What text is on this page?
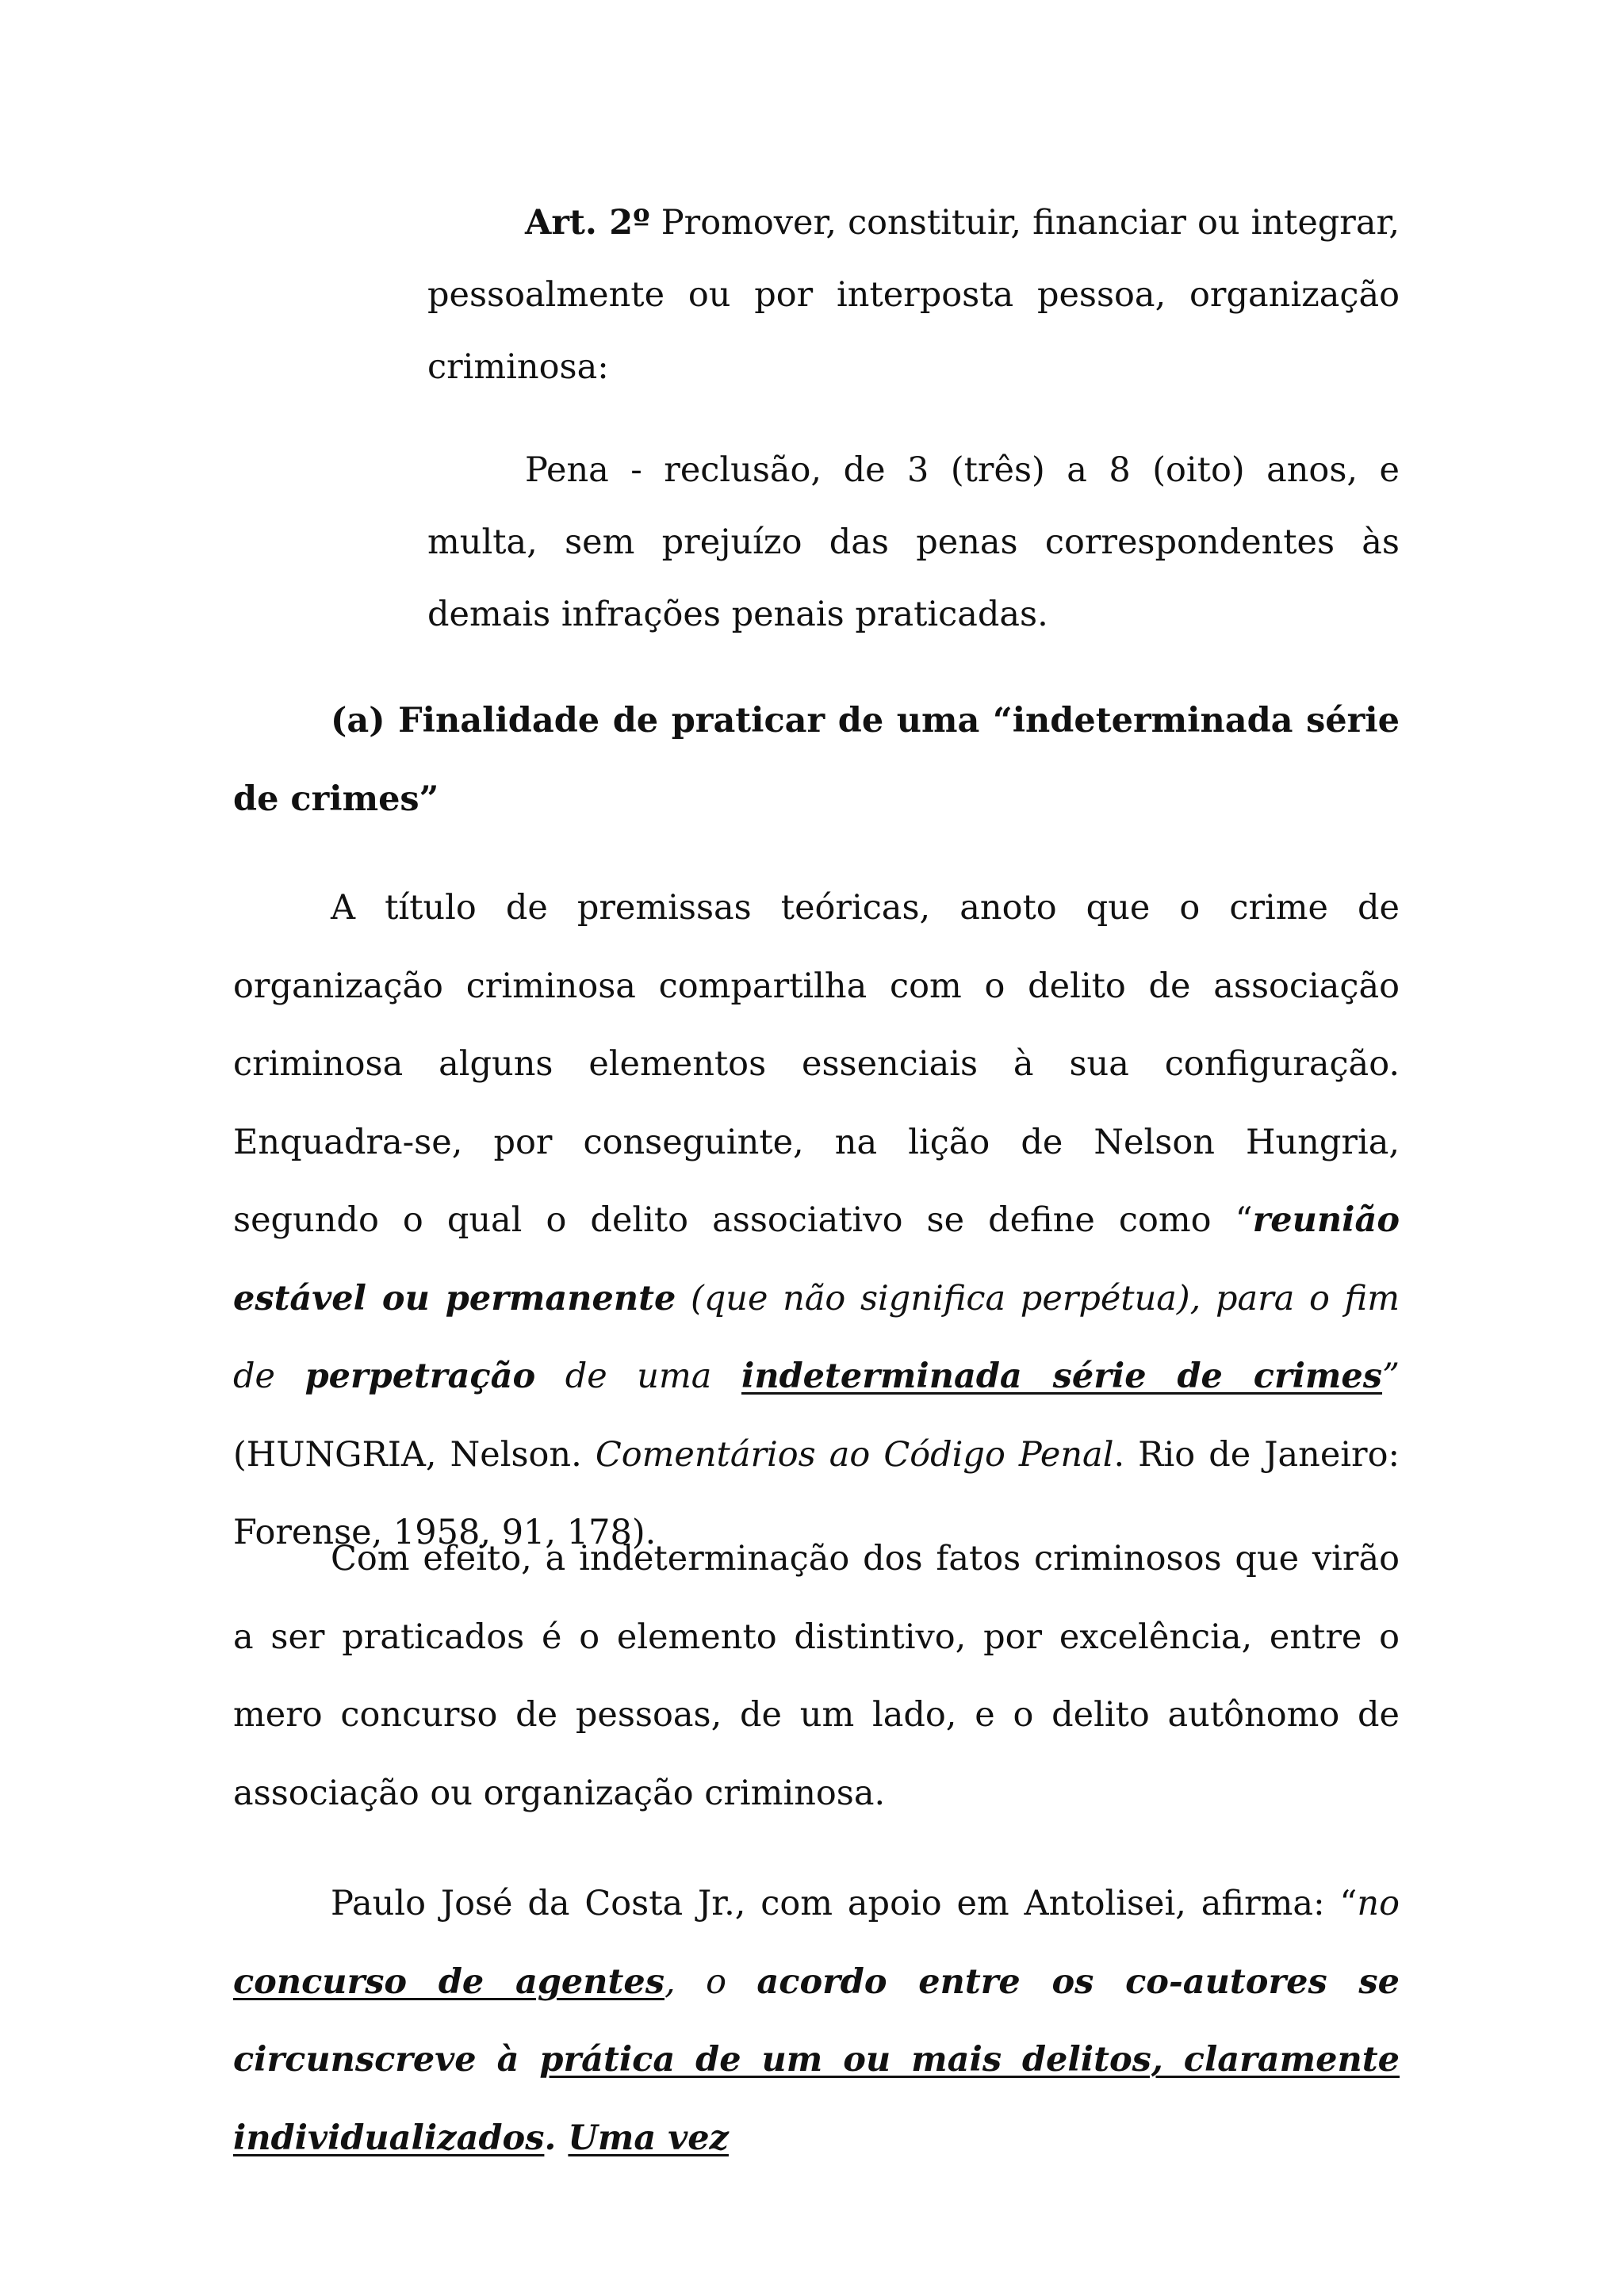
Art. 2º Promover, constituir, financiar ou integrar, pessoalmente ou por interposta pessoa, organização criminosa:

Pena - reclusão, de 3 (três) a 8 (oito) anos, e multa, sem prejuízo das penas correspondentes às demais infrações penais praticadas.

(a) Finalidade de praticar de uma “indeterminada série de crimes”

A título de premissas teóricas, anoto que o crime de organização criminosa compartilha com o delito de associação criminosa alguns elementos essenciais à sua configuração. Enquadra-se, por conseguinte, na lição de Nelson Hungria, segundo o qual o delito associativo se define como “reunião estável ou permanente (que não significa perpétua), para o fim de perpetração de uma indeterminada série de crimes” (HUNGRIA, Nelson. Comentários ao Código Penal. Rio de Janeiro: Forense, 1958, 91, 178).

Com efeito, a indeterminação dos fatos criminosos que virão a ser praticados é o elemento distintivo, por excelência, entre o mero concurso de pessoas, de um lado, e o delito autônomo de associação ou organização criminosa.

Paulo José da Costa Jr., com apoio em Antolisei, afirma: “no concurso de agentes, o acordo entre os co-autores se circunscreve à prática de um ou mais delitos, claramente individualizados. Uma vez
